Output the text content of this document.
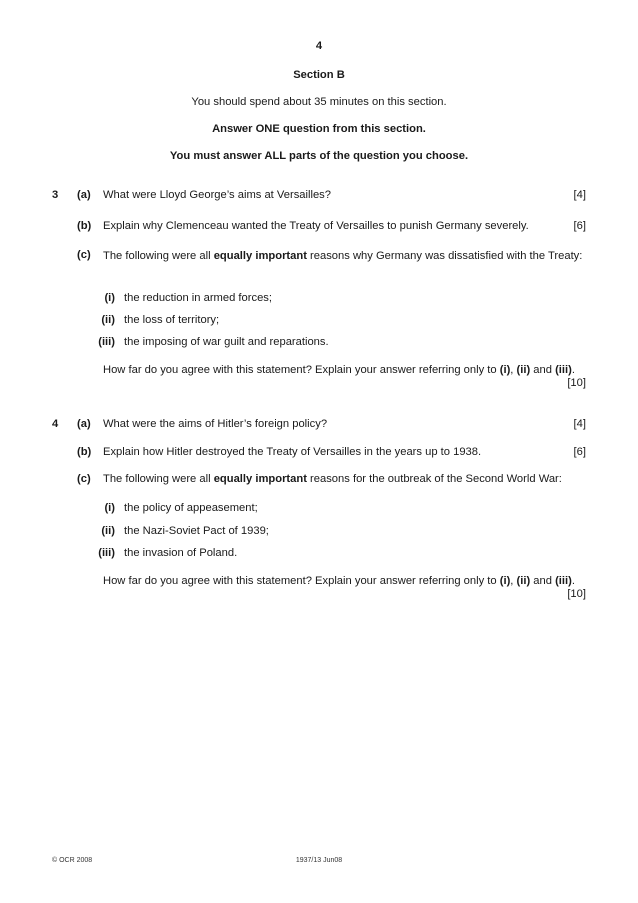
4
Section B
You should spend about 35 minutes on this section.
Answer ONE question from this section.
You must answer ALL parts of the question you choose.
3 (a) What were Lloyd George’s aims at Versailles?	[4]
(b) Explain why Clemenceau wanted the Treaty of Versailles to punish Germany severely.	[6]
(c) The following were all equally important reasons why Germany was dissatisfied with the Treaty:
(i) the reduction in armed forces;
(ii) the loss of territory;
(iii) the imposing of war guilt and reparations.
How far do you agree with this statement? Explain your answer referring only to (i), (ii) and (iii).
[10]
4 (a) What were the aims of Hitler’s foreign policy?	[4]
(b) Explain how Hitler destroyed the Treaty of Versailles in the years up to 1938.	[6]
(c) The following were all equally important reasons for the outbreak of the Second World War:
(i) the policy of appeasement;
(ii) the Nazi-Soviet Pact of 1939;
(iii) the invasion of Poland.
How far do you agree with this statement? Explain your answer referring only to (i), (ii) and (iii).
[10]
© OCR 2008	1937/13 Jun08
